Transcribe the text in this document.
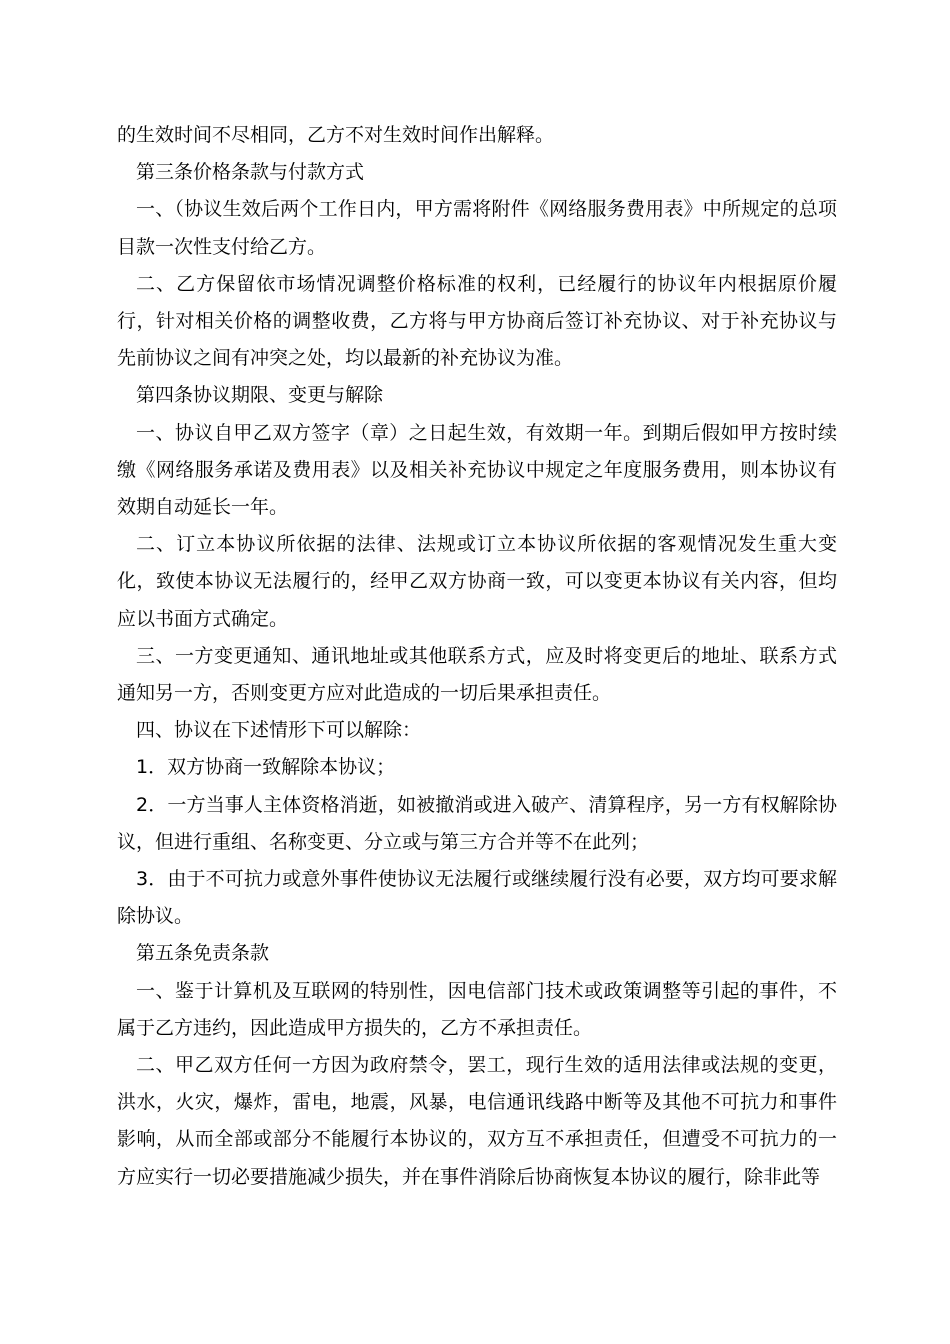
的生效时间不尽相同，乙方不对生效时间作出解释。

第三条价格条款与付款方式

一、（协议生效后两个工作日内，甲方需将附件《网络服务费用表》中所规定的总项目款一次性支付给乙方。

二、乙方保留依市场情况调整价格标准的权利，已经履行的协议年内根据原价履行，针对相关价格的调整收费，乙方将与甲方协商后签订补充协议、对于补充协议与先前协议之间有冲突之处，均以最新的补充协议为准。

第四条协议期限、变更与解除

一、协议自甲乙双方签字（章）之日起生效，有效期一年。到期后假如甲方按时续缴《网络服务承诺及费用表》以及相关补充协议中规定之年度服务费用，则本协议有效期自动延长一年。

二、订立本协议所依据的法律、法规或订立本协议所依据的客观情况发生重大变化，致使本协议无法履行的，经甲乙双方协商一致，可以变更本协议有关内容，但均应以书面方式确定。

三、一方变更通知、通讯地址或其他联系方式，应及时将变更后的地址、联系方式通知另一方，否则变更方应对此造成的一切后果承担责任。

四、协议在下述情形下可以解除：

1．双方协商一致解除本协议；

2．一方当事人主体资格消逝，如被撤消或进入破产、清算程序，另一方有权解除协议，但进行重组、名称变更、分立或与第三方合并等不在此列；

3．由于不可抗力或意外事件使协议无法履行或继续履行没有必要，双方均可要求解除协议。

第五条免责条款

一、鉴于计算机及互联网的特别性，因电信部门技术或政策调整等引起的事件，不属于乙方违约，因此造成甲方损失的，乙方不承担责任。

二、甲乙双方任何一方因为政府禁令，罢工，现行生效的适用法律或法规的变更，洪水，火灾，爆炸，雷电，地震，风暴，电信通讯线路中断等及其他不可抗力和事件影响，从而全部或部分不能履行本协议的，双方互不承担责任，但遭受不可抗力的一方应实行一切必要措施减少损失，并在事件消除后协商恢复本协议的履行，除非此等
